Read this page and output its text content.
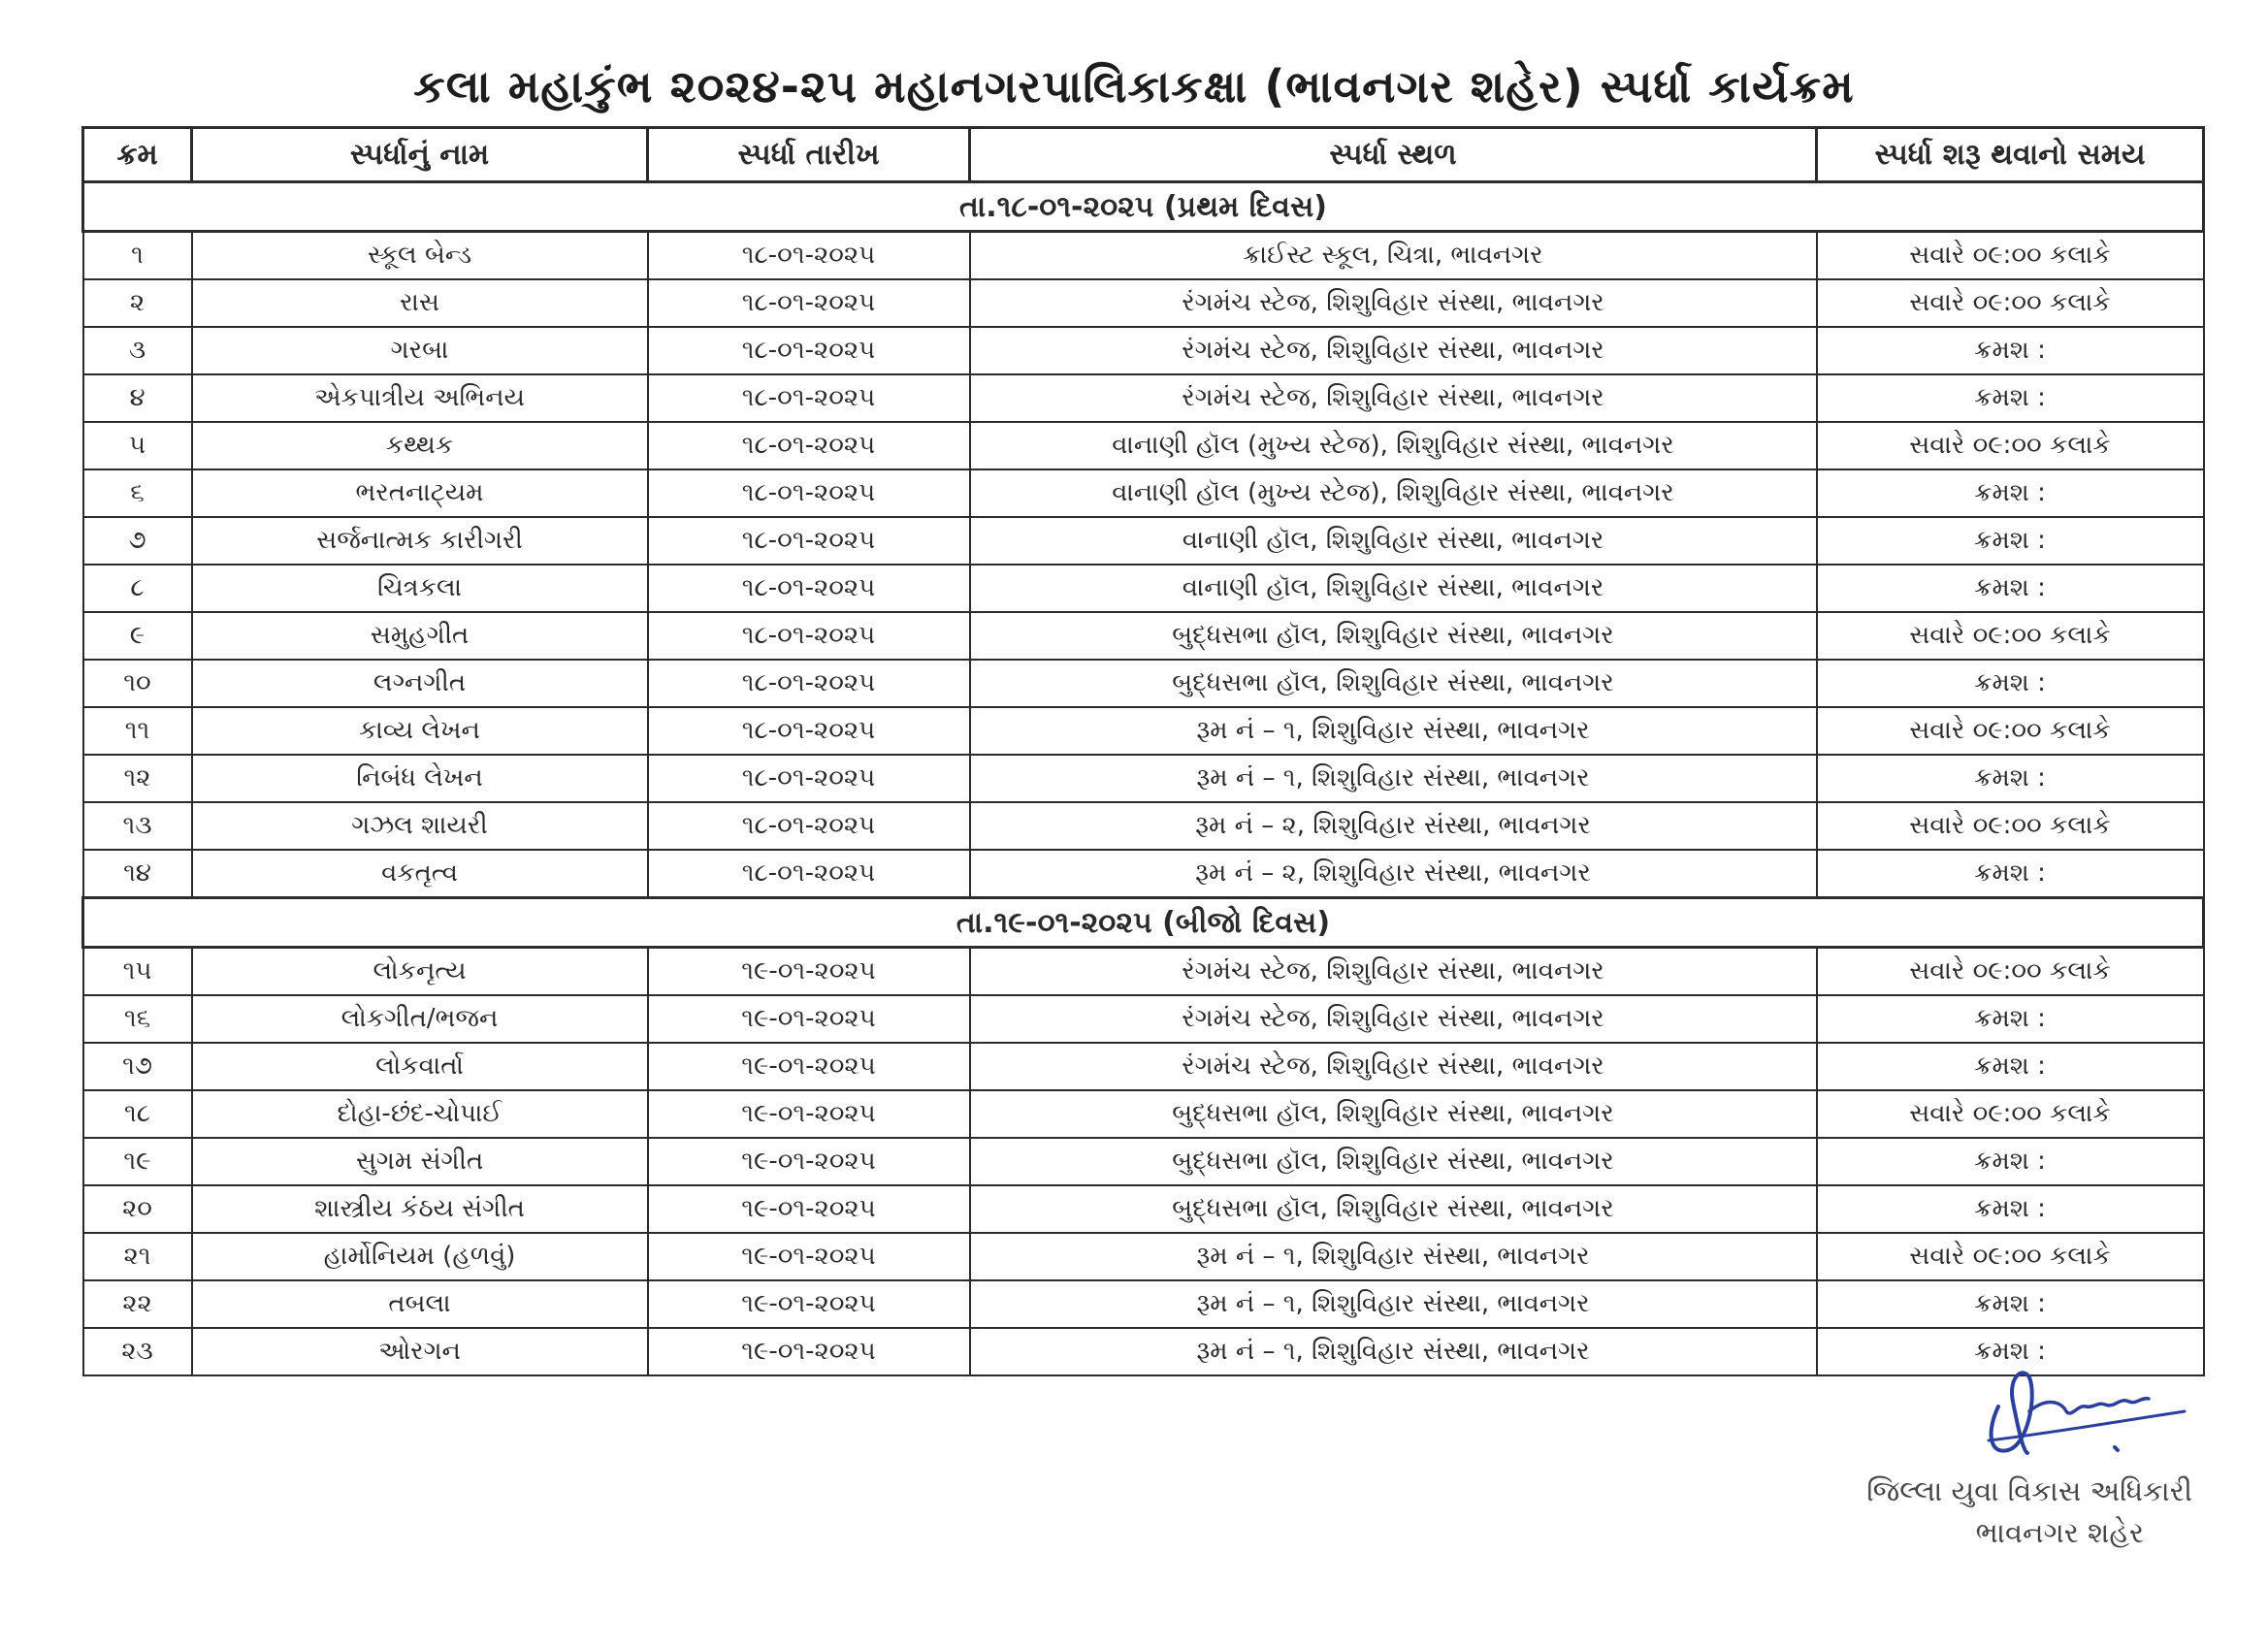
કલા મહાકુંભ ૨૦૨૪-૨૫ મહાનગરપાલિકાકક્ષા (ભાવનગર શહેર) સ્પર્ધા કાર્યક્રમ
ક્રમ	સ્પર્ધાનું નામ	સ્પર્ધા તારીખ	સ્પર્ધા સ્થળ	સ્પર્ધા શરૂ થવાનો સમય
તા.૧૮-૦૧-૨૦૨૫ (પ્રથમ દિવસ)				
૧	સ્કૂલ બેન્ડ	૧૮-૦૧-૨૦૨૫	ક્રાઈસ્ટ સ્કૂલ, ચિત્રા, ભાવનગર	સવારે ૦૯:૦૦ કલાકે
૨	રાસ	૧૮-૦૧-૨૦૨૫	રંગમંચ સ્ટેજ, શિશુવિહાર સંસ્થા, ભાવનગર	સવારે ૦૯:૦૦ કલાકે
૩	ગરબા	૧૮-૦૧-૨૦૨૫	રંગમંચ સ્ટેજ, શિશુવિહાર સંસ્થા, ભાવનગર	ક્રમશ :
૪	એકપાત્રીય અભિનય	૧૮-૦૧-૨૦૨૫	રંગમંચ સ્ટેજ, શિશુવિહાર સંસ્થા, ભાવનગર	ક્રમશ :
૫	કથ્થક	૧૮-૦૧-૨૦૨૫	વાનાણી હૉલ (મુખ્ય સ્ટેજ), શિશુવિહાર સંસ્થા, ભાવનગર	સવારે ૦૯:૦૦ કલાકે
૬	ભરતનાટ્યમ	૧૮-૦૧-૨૦૨૫	વાનાણી હૉલ (મુખ્ય સ્ટેજ), શિશુવિહાર સંસ્થા, ભાવનગર	ક્રમશ :
૭	સર્જનાત્મક કારીગરી	૧૮-૦૧-૨૦૨૫	વાનાણી હૉલ, શિશુવિહાર સંસ્થા, ભાવનગર	ક્રમશ :
૮	ચિત્રકલા	૧૮-૦૧-૨૦૨૫	વાનાણી હૉલ, શિશુવિહાર સંસ્થા, ભાવનગર	ક્રમશ :
૯	સમુહગીત	૧૮-૦૧-૨૦૨૫	બુદ્ધસભા હૉલ, શિશુવિહાર સંસ્થા, ભાવનગર	સવારે ૦૯:૦૦ કલાકે
૧૦	લગ્નગીત	૧૮-૦૧-૨૦૨૫	બુદ્ધસભા હૉલ, શિશુવિહાર સંસ્થા, ભાવનગર	ક્રમશ :
૧૧	કાવ્ય લેખન	૧૮-૦૧-૨૦૨૫	રૂમ નં – ૧, શિશુવિહાર સંસ્થા, ભાવનગર	સવારે ૦૯:૦૦ કલાકે
૧૨	નિબંધ લેખન	૧૮-૦૧-૨૦૨૫	રૂમ નં – ૧, શિશુવિહાર સંસ્થા, ભાવનગર	ક્રમશ :
૧૩	ગઝલ શાયરી	૧૮-૦૧-૨૦૨૫	રૂમ નં – ૨, શિશુવિહાર સંસ્થા, ભાવનગર	સવારે ૦૯:૦૦ કલાકે
૧૪	વકતૃત્વ	૧૮-૦૧-૨૦૨૫	રૂમ નં – ૨, શિશુવિહાર સંસ્થા, ભાવનગર	ક્રમશ :
તા.૧૯-૦૧-૨૦૨૫ (બીજો દિવસ)				
૧૫	લોકનૃત્ય	૧૯-૦૧-૨૦૨૫	રંગમંચ સ્ટેજ, શિશુવિહાર સંસ્થા, ભાવનગર	સવારે ૦૯:૦૦ કલાકે
૧૬	લોકગીત/ભજન	૧૯-૦૧-૨૦૨૫	રંગમંચ સ્ટેજ, શિશુવિહાર સંસ્થા, ભાવનગર	ક્રમશ :
૧૭	લોકવાર્તા	૧૯-૦૧-૨૦૨૫	રંગમંચ સ્ટેજ, શિશુવિહાર સંસ્થા, ભાવનગર	ક્રમશ :
૧૮	દોહા-છંદ-ચોપાઈ	૧૯-૦૧-૨૦૨૫	બુદ્ધસભા હૉલ, શિશુવિહાર સંસ્થા, ભાવનગર	સવારે ૦૯:૦૦ કલાકે
૧૯	સુગમ સંગીત	૧૯-૦૧-૨૦૨૫	બુદ્ધસભા હૉલ, શિશુવિહાર સંસ્થા, ભાવનગર	ક્રમશ :
૨૦	શાસ્ત્રીય કંઠય સંગીત	૧૯-૦૧-૨૦૨૫	બુદ્ધસભા હૉલ, શિશુવિહાર સંસ્થા, ભાવનગર	ક્રમશ :
૨૧	હાર્મોનિયમ (હળવું)	૧૯-૦૧-૨૦૨૫	રૂમ નં – ૧, શિશુવિહાર સંસ્થા, ભાવનગર	સવારે ૦૯:૦૦ કલાકે
૨૨	તબલા	૧૯-૦૧-૨૦૨૫	રૂમ નં – ૧, શિશુવિહાર સંસ્થા, ભાવનગર	ક્રમશ :
૨૩	ઓરગન	૧૯-૦૧-૨૦૨૫	રૂમ નં – ૧, શિશુવિહાર સંસ્થા, ભાવનગર	ક્રમશ :
જિલ્લા યુવા વિકાસ અધિકારી
ભાવનગર શહેર
